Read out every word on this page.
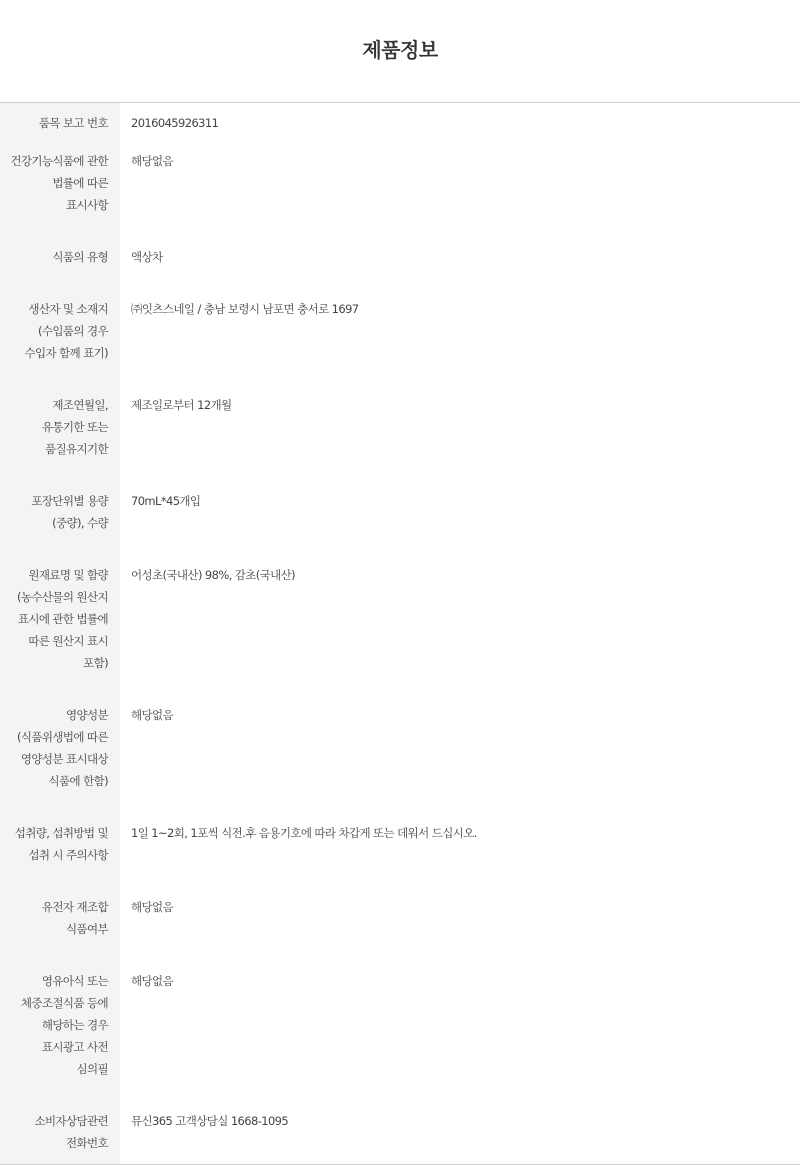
제품정보
품목 보고 번호	2016045926311
건강기능식품에 관한 법률에 따른 표시사항	해당없음
식품의 유형	액상차
생산자 및 소재지 (수입품의 경우 수입자 함께 표기)	㈜잇츠스네일 / 충남 보령시 남포면 충서로 1697
제조연월일, 유통기한 또는 품질유지기한	제조일로부터 12개월
포장단위별 용량(중량), 수량	70mL*45개입
원재료명 및 함량(농수산물의 원산지 표시에 관한 법률에 따른 원산지 표시 포함)	어성초(국내산) 98%, 감초(국내산)
영양성분(식품위생법에 따른 영양성분 표시대상 식품에 한함)	해당없음
섭취량, 섭취방법 및 섭취 시 주의사항	1일 1~2회, 1포씩 식전.후 음용기호에 따라 차갑게 또는 데워서 드십시오.
유전자 재조합 식품여부	해당없음
영유아식 또는 체중조절식품 등에 해당하는 경우 표시광고 사전 심의필	해당없음
소비자상담관련 전화번호	뮤신365 고객상담실 1668-1095
